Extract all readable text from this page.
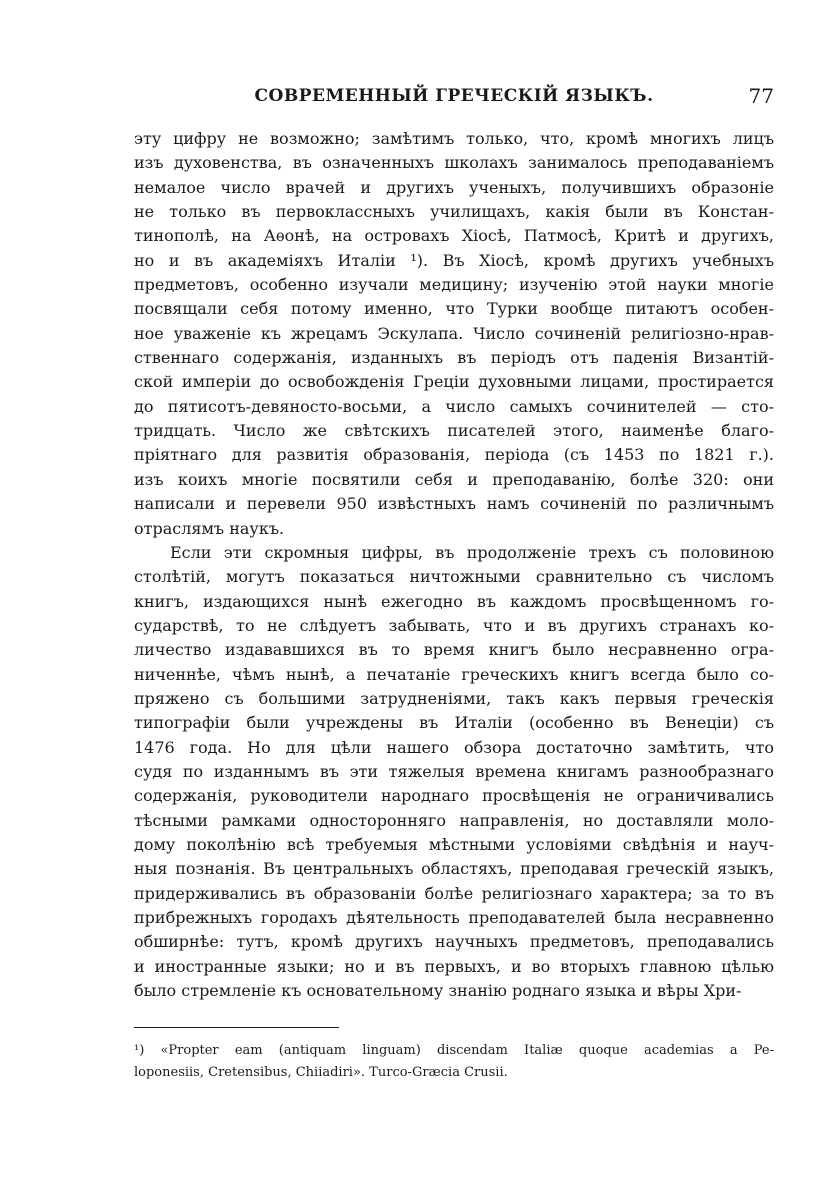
СОВРЕМЕННЫЙ ГРЕЧЕСКІЙ ЯЗЫКЪ.	77
эту цифру не возможно; замѣтимъ только, что, кромѣ многихъ лицъ
изъ духовенства, въ означенныхъ школахъ занималось преподаваніемъ
немалое число врачей и другихъ ученыхъ, получившихъ образоніе
не только въ первоклассныхъ училищахъ, какія были въ Констан-
тинополѣ, на Аѳонѣ, на островахъ Хіосѣ, Патмосѣ, Критѣ и другихъ,
но и въ академіяхъ Италіи ¹). Въ Хіосѣ, кромѣ другихъ учебныхъ
предметовъ, особенно изучали медицину; изученію этой науки многіе
посвящали себя потому именно, что Турки вообще питаютъ особен-
ное уваженіе къ жрецамъ Эскулапа. Число сочиненій религіозно-нрав-
ственнаго содержанія, изданныхъ въ періодъ отъ паденія Византій-
ской имперіи до освобожденія Греціи духовными лицами, простирается
до пятисотъ-девяносто-восьми, а число самыхъ сочинителей — сто-
тридцать. Число же свѣтскихъ писателей этого, наименѣе благо-
пріятнаго для развитія образованія, періода (съ 1453 по 1821 г.).
изъ коихъ многіе посвятили себя и преподаванію, болѣе 320: они
написали и перевели 950 извѣстныхъ намъ сочиненій по различнымъ
отраслямъ наукъ.
Если эти скромныя цифры, въ продолженіе трехъ съ половиною
столѣтій, могутъ показаться ничтожными сравнительно съ числомъ
книгъ, издающихся нынѣ ежегодно въ каждомъ просвѣщенномъ го-
сударствѣ, то не слѣдуетъ забывать, что и въ другихъ странахъ ко-
личество издававшихся въ то время книгъ было несравненно огра-
ниченнѣе, чѣмъ нынѣ, а печатаніе греческихъ книгъ всегда было со-
пряжено съ большими затрудненіями, такъ какъ первыя греческія
типографіи были учреждены въ Италіи (особенно въ Венеціи) съ
1476 года. Но для цѣли нашего обзора достаточно замѣтить, что
судя по изданнымъ въ эти тяжелыя времена книгамъ разнообразнаго
содержанія, руководители народнаго просвѣщенія не ограничивались
тѣсными рамками односторонняго направленія, но доставляли моло-
дому поколѣнію всѣ требуемыя мѣстными условіями свѣдѣнія и науч-
ныя познанія. Въ центральныхъ областяхъ, преподавая греческій языкъ,
придерживались въ образованіи болѣе религіознаго характера; за то въ
прибрежныхъ городахъ дѣятельность преподавателей была несравненно
обширнѣе: тутъ, кромѣ другихъ научныхъ предметовъ, преподавались
и иностранные языки; но и въ первыхъ, и во вторыхъ главною цѣлью
было стремленіе къ основательному знанію роднаго языка и вѣры Хри-
¹) «Propter eam (antiquam linguam) discendam Italiæ quoque academias a Pe-
loponesiis, Cretensibus, Chiiadiri». Turco-Græcia Crusii.
